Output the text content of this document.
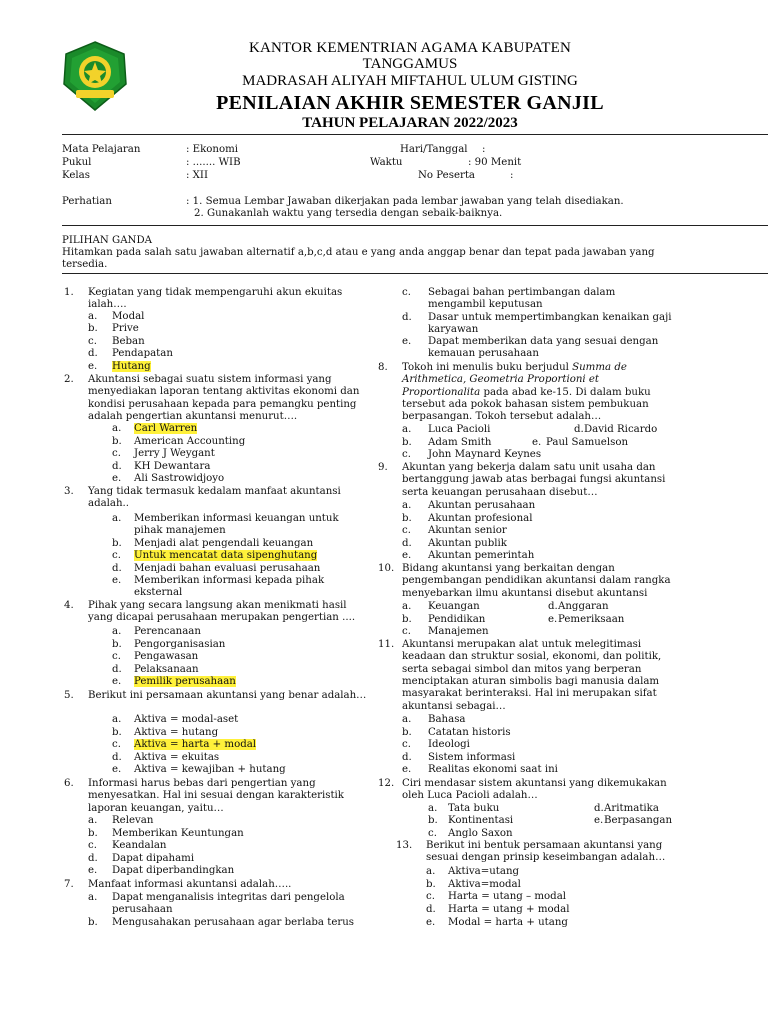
KANTOR KEMENTRIAN AGAMA KABUPATEN
TANGGAMUS
MADRASAH ALIYAH MIFTAHUL ULUM GISTING
PENILAIAN AKHIR SEMESTER GANJIL
TAHUN PELAJARAN 2022/2023
Mata Pelajaran	: Ekonomi	Hari/Tanggal :
Pukul	: ....... WIB	Waktu	: 90 Menit
Kelas	: XII	No Peserta	:
Perhatian	: 1. Semua Lembar Jawaban dikerjakan pada lembar jawaban yang telah disediakan.
2. Gunakanlah waktu yang tersedia dengan sebaik-baiknya.
PILIHAN GANDA
Hitamkan pada salah satu jawaban alternatif a,b,c,d atau e yang anda anggap benar dan tepat pada jawaban yang
tersedia.
1. Kegiatan yang tidak mempengaruhi akun ekuitas ialah….
a. Modal
b. Prive
c. Beban
d. Pendapatan
e. Hutang
2. Akuntansi sebagai suatu sistem informasi yang menyediakan laporan tentang aktivitas ekonomi dan kondisi perusahaan kepada para pemangku penting adalah pengertian akuntansi menurut….
a. Carl Warren
b. American Accounting
c. Jerry J Weygant
d. KH Dewantara
e. Ali Sastrowidjoyo
3. Yang tidak termasuk kedalam manfaat akuntansi adalah..
a. Memberikan informasi keuangan untuk pihak manajemen
b. Menjadi alat pengendali keuangan
c. Untuk mencatat data sipenghutang
d. Menjadi bahan evaluasi perusahaan
e. Memberikan informasi kepada pihak eksternal
4. Pihak yang secara langsung akan menikmati hasil yang dicapai perusahaan merupakan pengertian ....
a. Perencanaan
b. Pengorganisasian
c. Pengawasan
d. Pelaksanaan
e. Pemilik perusahaan
5. Berikut ini persamaan akuntansi yang benar adalah…
a. Aktiva = modal-aset
b. Aktiva = hutang
c. Aktiva = harta + modal
d. Aktiva = ekuitas
e. Aktiva = kewajiban + hutang
6. Informasi harus bebas dari pengertian yang menyesatkan. Hal ini sesuai dengan karakteristik laporan keuangan, yaitu…
a. Relevan
b. Memberikan Keuntungan
c. Keandalan
d. Dapat dipahami
e. Dapat diperbandingkan
7. Manfaat informasi akuntansi adalah…..
a. Dapat menganalisis integritas dari pengelola perusahaan
b. Mengusahakan perusahaan agar berlaba terus
c. Sebagai bahan pertimbangan dalam mengambil keputusan
d. Dasar untuk mempertimbangkan kenaikan gaji karyawan
e. Dapat memberikan data yang sesuai dengan kemauan perusahaan
8. Tokoh ini menulis buku berjudul Summa de Arithmetica, Geometria Proportioni et Proportionalita pada abad ke-15. Di dalam buku tersebut ada pokok bahasan sistem pembukuan berpasangan. Tokoh tersebut adalah…
a. Luca Pacioli
b. Adam Smith
c. John Maynard Keynes
d. David Ricardo
e. Paul Samuelson
9. Akuntan yang bekerja dalam satu unit usaha dan bertanggung jawab atas berbagai fungsi akuntansi serta keuangan perusahaan disebut…
a. Akuntan perusahaan
b. Akuntan profesional
c. Akuntan senior
d. Akuntan publik
e. Akuntan pemerintah
10. Bidang akuntansi yang berkaitan dengan pengembangan pendidikan akuntansi dalam rangka menyebarkan ilmu akuntansi disebut akuntansi
a. Keuangan
b. Pendidikan
c. Manajemen
d. Anggaran
e. Pemeriksaan
11. Akuntansi merupakan alat untuk melegitimasi keadaan dan struktur sosial, ekonomi, dan politik, serta sebagai simbol dan mitos yang berperan menciptakan aturan simbolis bagi manusia dalam masyarakat berinteraksi. Hal ini merupakan sifat akuntansi sebagai…
a. Bahasa
b. Catatan historis
c. Ideologi
d. Sistem informasi
e. Realitas ekonomi saat ini
12. Ciri mendasar sistem akuntansi yang dikemukakan oleh Luca Pacioli adalah…
a. Tata buku
b. Kontinentasi
c. Anglo Saxon
d. Aritmatika
e. Berpasangan
13. Berikut ini bentuk persamaan akuntansi yang sesuai dengan prinsip keseimbangan adalah…
a. Aktiva=utang
b. Aktiva=modal
c. Harta = utang – modal
d. Harta = utang + modal
e. Modal = harta + utang
